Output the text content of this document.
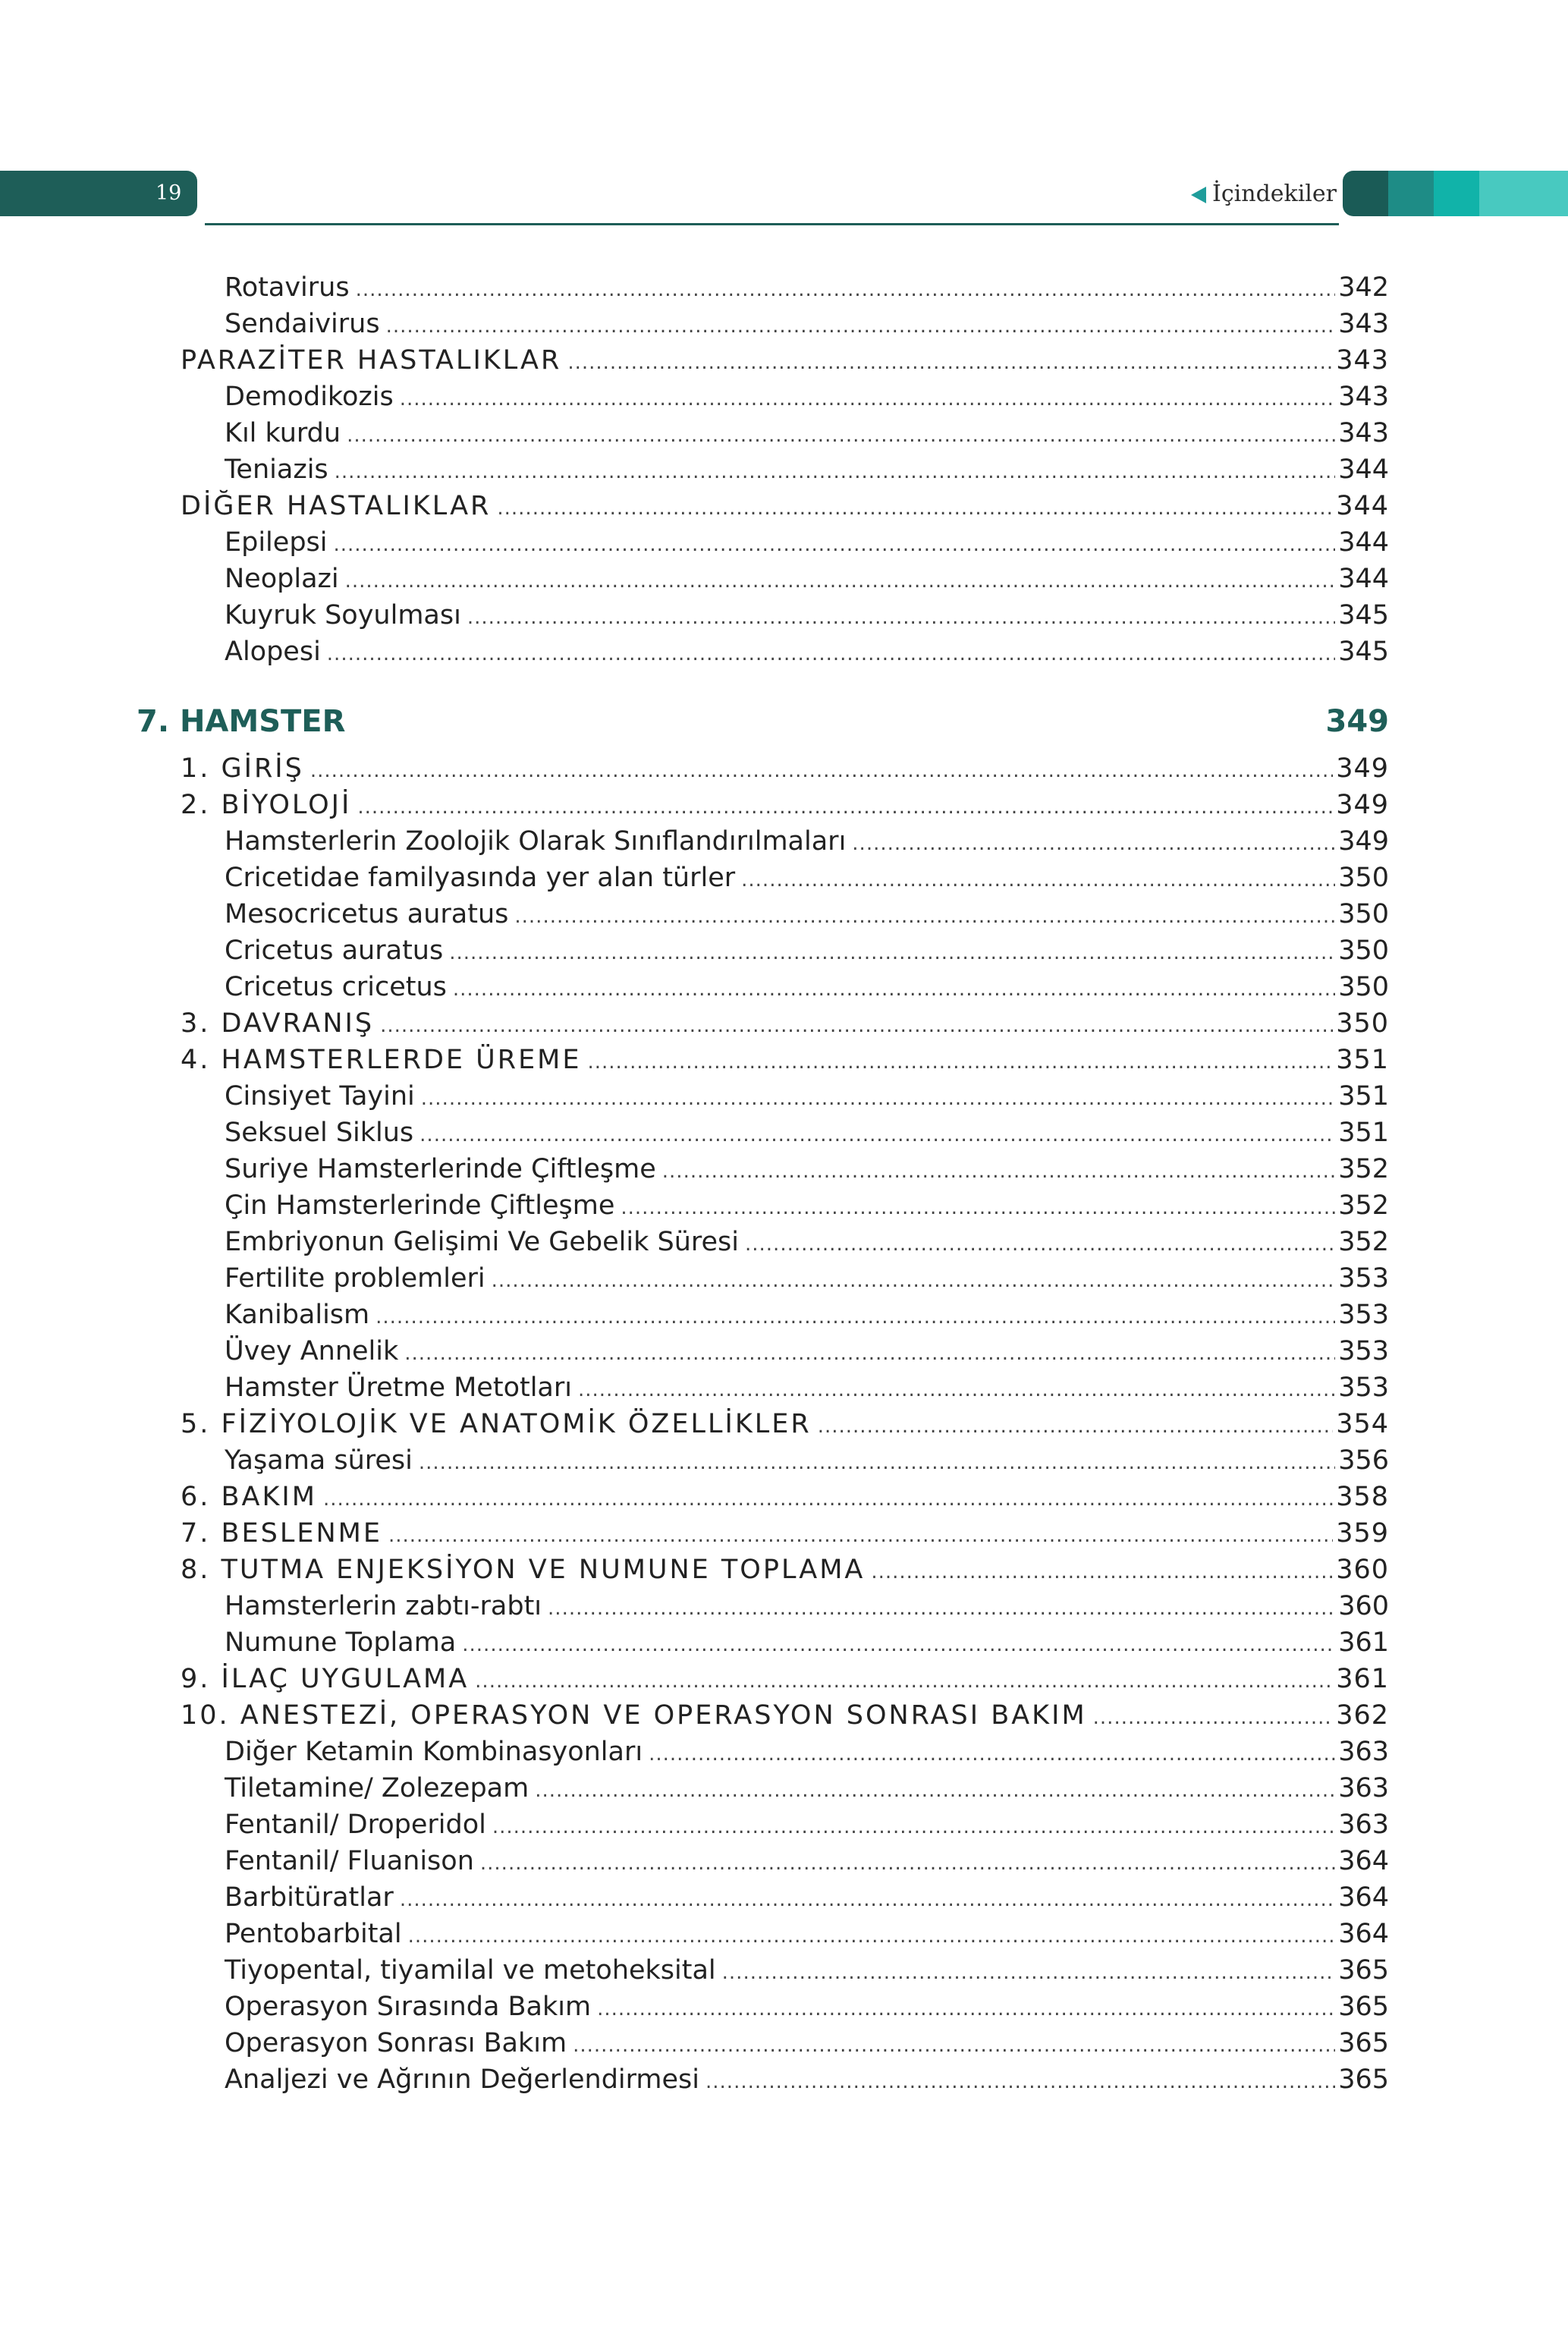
19	İçindekiler
7. HAMSTER	349
Rotavirus .....	342
Sendaivirus .....	343
PARAZİTER HASTALIKLAR .....	343
Demodikozis .....	343
Kıl kurdu .....	343
Teniazis .....	344
DİĞER HASTALIKLAR .....	344
Epilepsi .....	344
Neoplazi .....	344
Kuyruk Soyulması .....	345
Alopesi .....	345
1. GİRİŞ .....	349
2. BİYOLOJİ .....	349
Hamsterlerin Zoolojik Olarak Sınıflandırılmaları .....	349
Cricetidae familyasında yer alan türler .....	350
Mesocricetus auratus .....	350
Cricetus auratus .....	350
Cricetus cricetus .....	350
3. DAVRANIŞ .....	350
4. HAMSTERLERDE ÜREME .....	351
Cinsiyet Tayini .....	351
Seksuel Siklus .....	351
Suriye Hamsterlerinde Çiftleşme .....	352
Çin Hamsterlerinde Çiftleşme .....	352
Embriyonun Gelişimi Ve Gebelik Süresi .....	352
Fertilite problemleri .....	353
Kanibalism .....	353
Üvey Annelik .....	353
Hamster Üretme Metotları .....	353
5. FİZİYOLOJİK VE ANATOMİK ÖZELLİKLER .....	354
Yaşama süresi .....	356
6. BAKIM .....	358
7. BESLENME .....	359
8. TUTMA ENJEKSİYON VE NUMUNE TOPLAMA .....	360
Hamsterlerin zabtı-rabtı .....	360
Numune Toplama .....	361
9. İLAÇ UYGULAMA .....	361
10. ANESTEZİ, OPERASYON VE OPERASYON SONRASI BAKIM .....	362
Diğer Ketamin Kombinasyonları .....	363
Tiletamine/ Zolezepam .....	363
Fentanil/ Droperidol .....	363
Fentanil/ Fluanison .....	364
Barbitüratlar .....	364
Pentobarbital .....	364
Tiyopental, tiyamilal ve metoheksital .....	365
Operasyon Sırasında Bakım .....	365
Operasyon Sonrası Bakım .....	365
Analjezi ve Ağrının Değerlendirmesi .....	365
